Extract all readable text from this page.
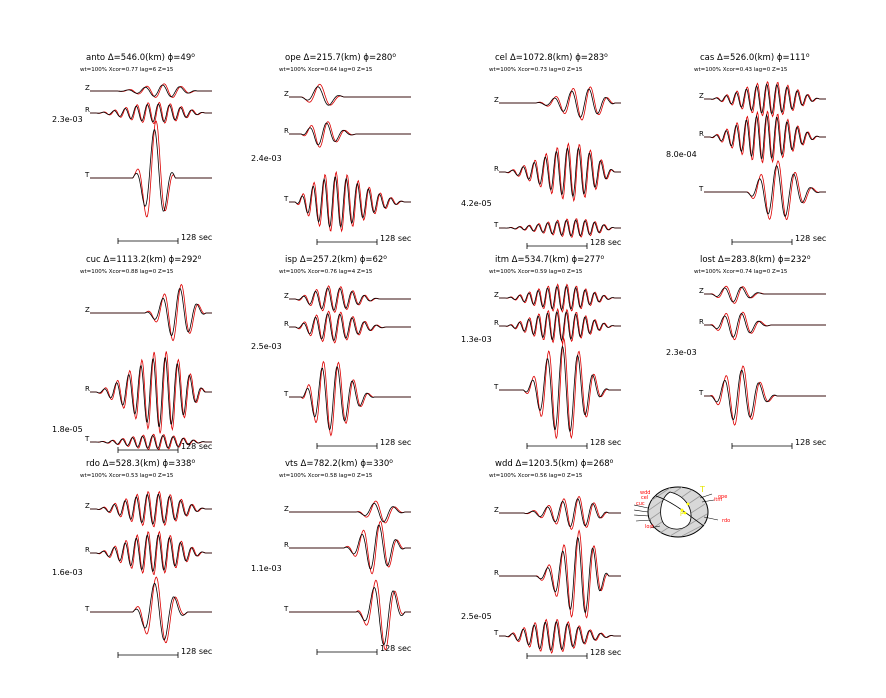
anto Δ=546.0(km) $\phi=49^o$
wt=100% Xcor=0.77 lag=6 Z=15
Z
R
T
2.3e-03
128 sec
ope Δ=215.7(km) $\phi=280^o$
wt=100% Xcor=0.64 lag=0 Z=15
Z
R
T
2.4e-03
128 sec
cel Δ=1072.8(km) $\phi=283^o$
wt=100% Xcor=0.73 lag=0 Z=15
Z
R
T
4.2e-05
128 sec
cas Δ=526.0(km) $\phi=111^o$
wt=100% Xcor=0.43 lag=0 Z=15
Z
R
T
8.0e-04
128 sec
cuc Δ=1113.2(km) $\phi=292^o$
wt=100% Xcor=0.88 lag=0 Z=15
Z
R
T
1.8e-05
128 sec
isp Δ=257.2(km) $\phi=62^o$
wt=100% Xcor=0.76 lag=4 Z=15
Z
R
T
2.5e-03
128 sec
itm Δ=534.7(km) $\phi=277^o$
wt=100% Xcor=0.59 lag=0 Z=15
Z
R
T
1.3e-03
128 sec
lost Δ=283.8(km) $\phi=232^o$
wt=100% Xcor=0.74 lag=0 Z=15
Z
R
T
2.3e-03
128 sec
rdo Δ=528.3(km) $\phi=338^o$
wt=100% Xcor=0.53 lag=0 Z=15
Z
R
T
1.6e-03
128 sec
vts Δ=782.2(km) $\phi=330^o$
wt=100% Xcor=0.58 lag=0 Z=15
Z
R
T
1.1e-03
128 sec
wdd Δ=1203.5(km) $\phi=268^o$
wt=100% Xcor=0.56 lag=0 Z=15
Z
R
T
2.5e-05
128 sec
wdd
cel
cuc
lost
itm
ope
rdo
T
P
